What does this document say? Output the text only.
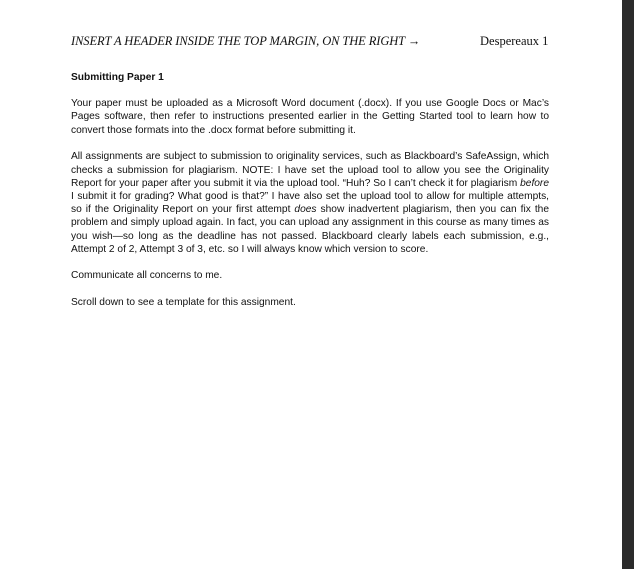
INSERT A HEADER INSIDE THE TOP MARGIN, ON THE RIGHT →	Despereaux 1
Submitting Paper 1
Your paper must be uploaded as a Microsoft Word document (.docx). If you use Google Docs or Mac’s Pages software, then refer to instructions presented earlier in the Getting Started tool to learn how to convert those formats into the .docx format before submitting it.
All assignments are subject to submission to originality services, such as Blackboard’s SafeAssign, which checks a submission for plagiarism. NOTE: I have set the upload tool to allow you see the Originality Report for your paper after you submit it via the upload tool. “Huh? So I can’t check it for plagiarism before I submit it for grading? What good is that?” I have also set the upload tool to allow for multiple attempts, so if the Originality Report on your first attempt does show inadvertent plagiarism, then you can fix the problem and simply upload again. In fact, you can upload any assignment in this course as many times as you wish—so long as the deadline has not passed. Blackboard clearly labels each submission, e.g., Attempt 2 of 2, Attempt 3 of 3, etc. so I will always know which version to score.
Communicate all concerns to me.
Scroll down to see a template for this assignment.
